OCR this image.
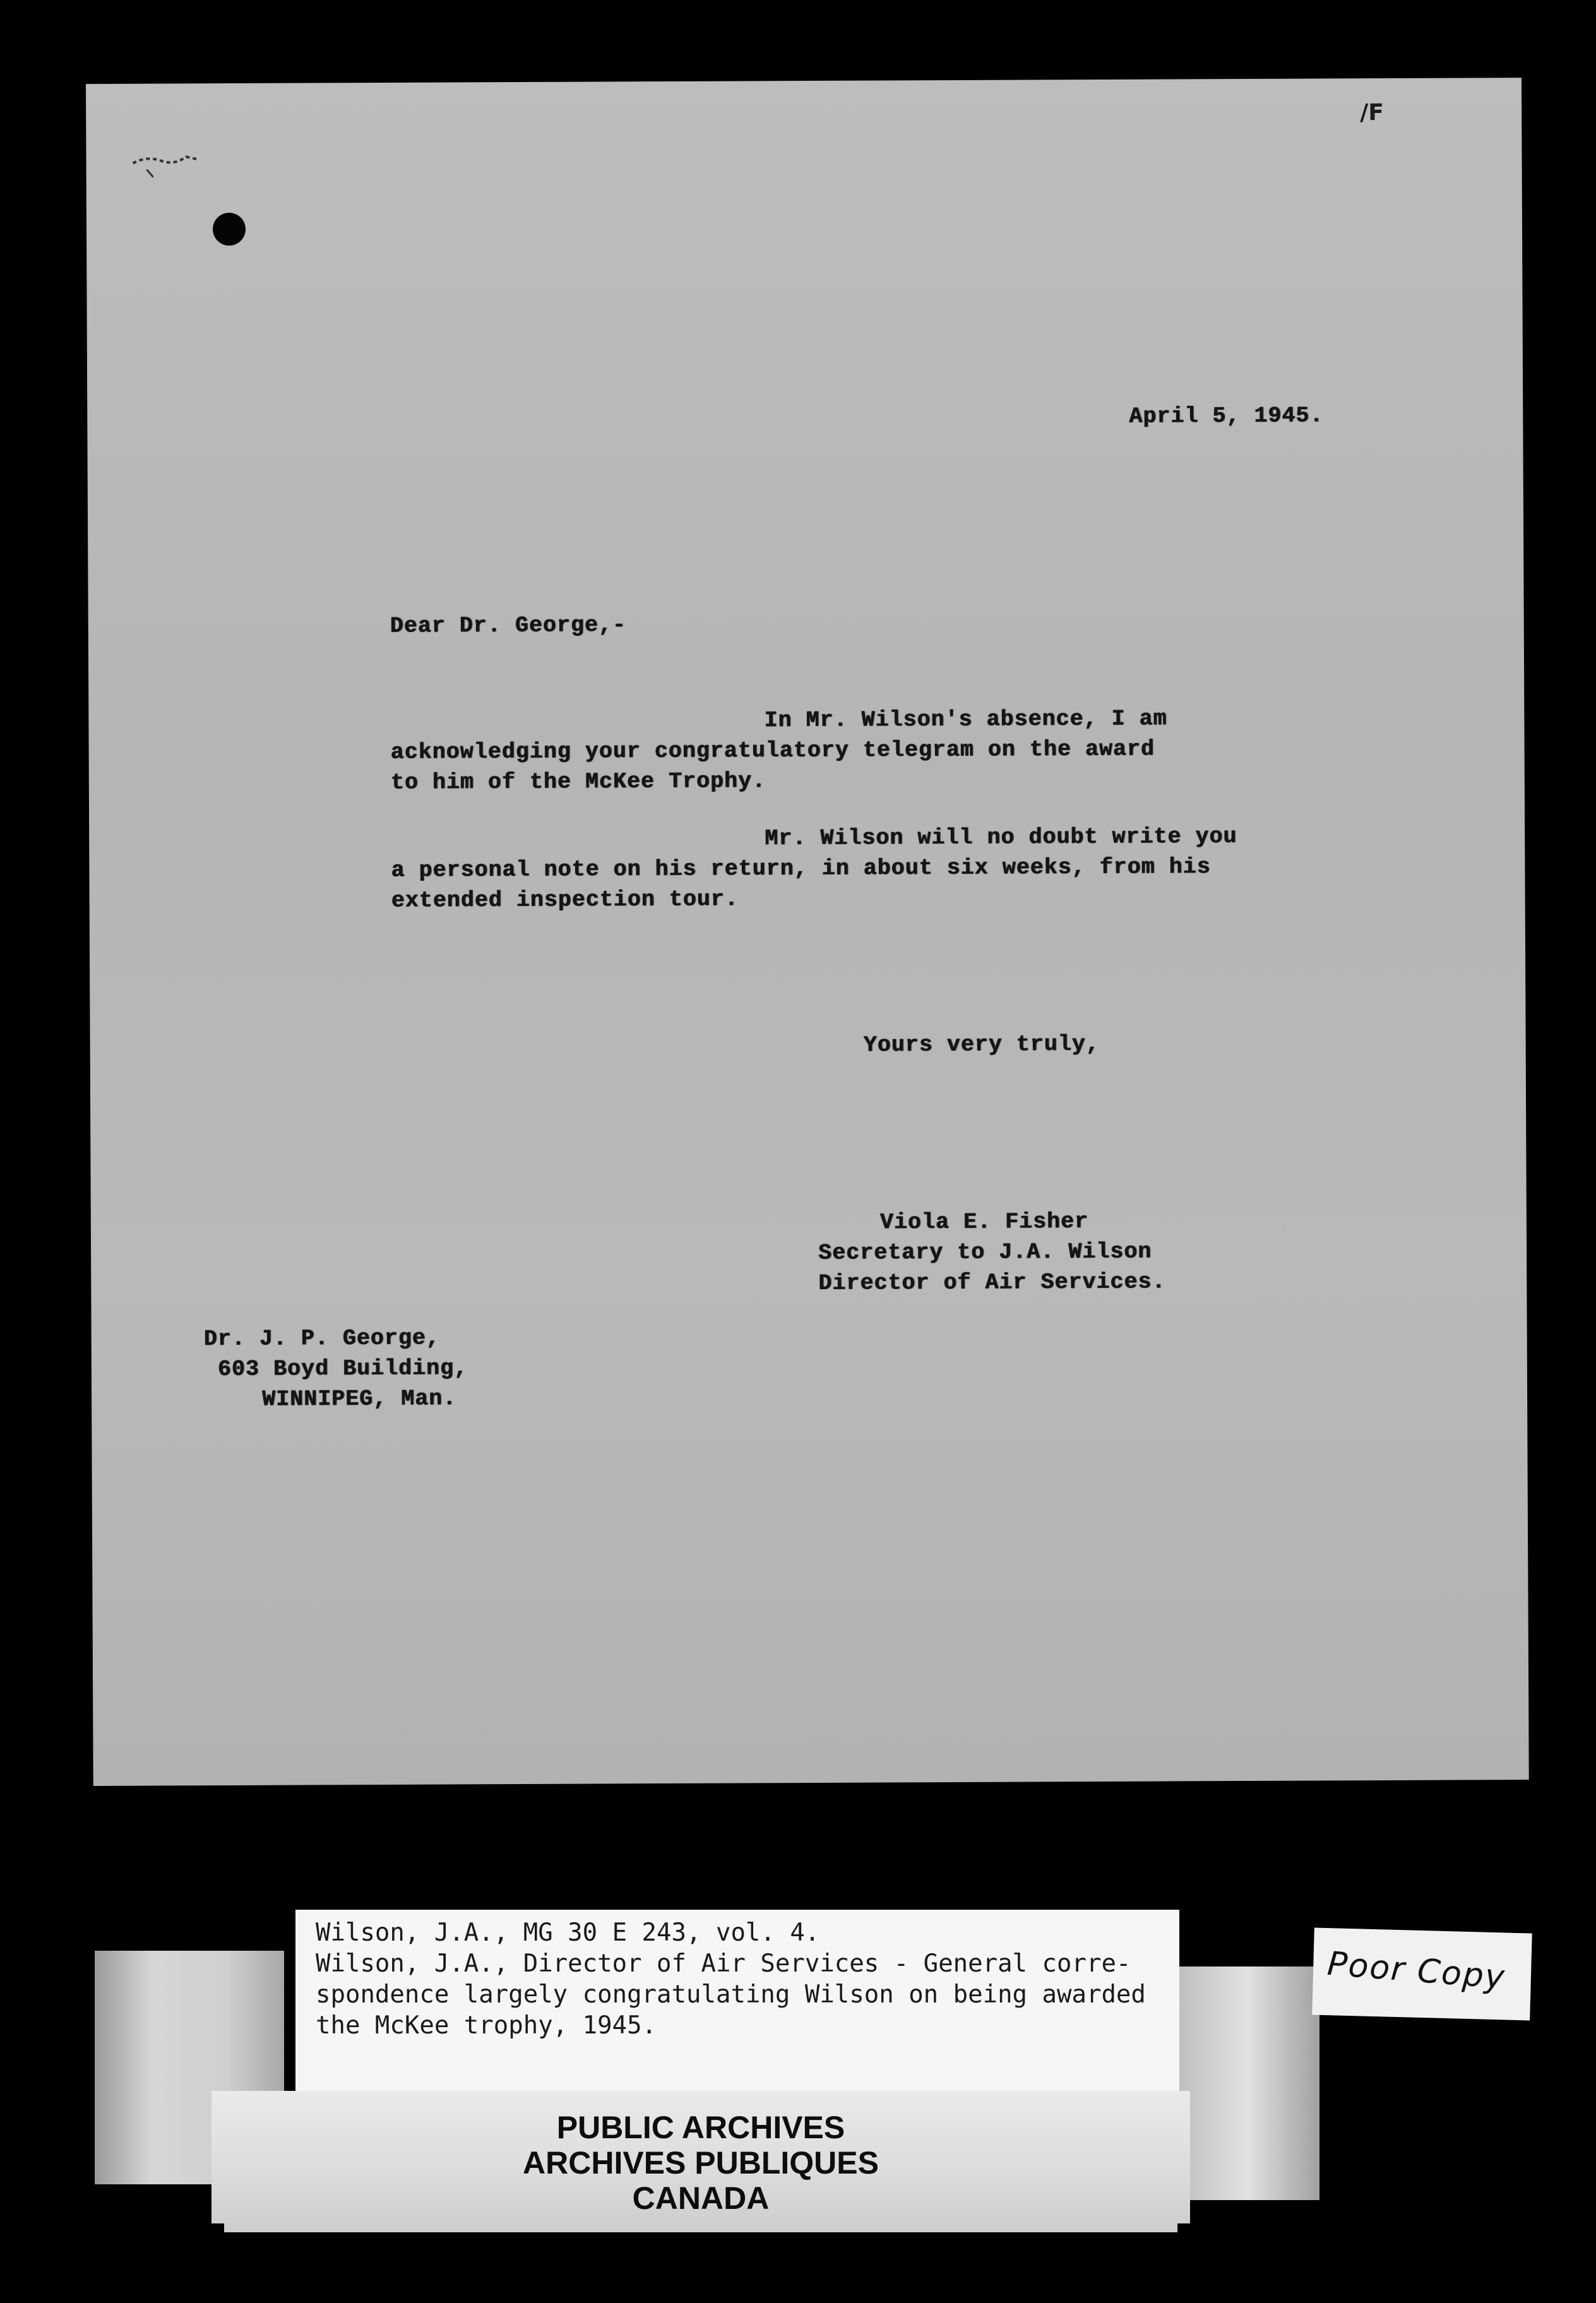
/F

April 5, 1945.

Dear Dr. George,-

In Mr. Wilson's absence, I am

acknowledging your congratulatory telegram on the award
to him of the McKee Trophy.

Mr. Wilson will no doubt write you

a personal note on his return, in about six weeks, from his
extended inspection tour.

Yours very truly,

Viola E. Fisher

Secretary to J.A. Wilson

Director of Air Services.

Dr. J. P. George,

603 Boyd Building,

WINNIPEG, Man.

Wilson, J.A., MG 30 E 243, vol. 4.
Wilson, J.A., Director of Air Services - General corre-
spondence largely congratulating Wilson on being awarded
the McKee trophy, 1945.

PUBLIC ARCHIVES
ARCHIVES PUBLIQUES
CANADA
Poor Copy
